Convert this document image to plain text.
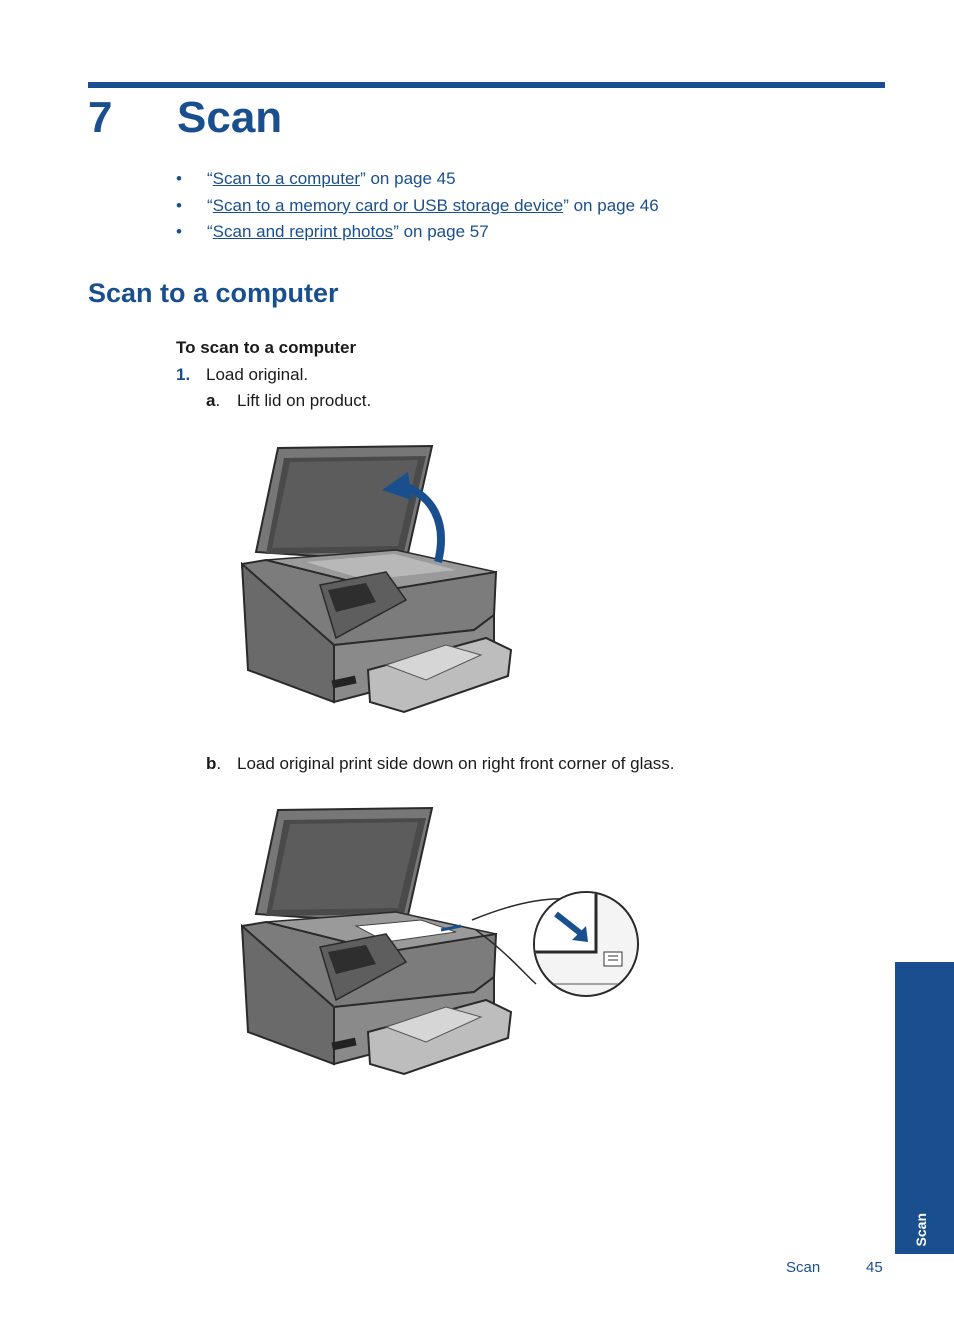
7 Scan
• “Scan to a computer” on page 45
• “Scan to a memory card or USB storage device” on page 46
• “Scan and reprint photos” on page 57
Scan to a computer
To scan to a computer
1. Load original.
a. Lift lid on product.
b. Load original print side down on right front corner of glass.
Scan
Scan	45
